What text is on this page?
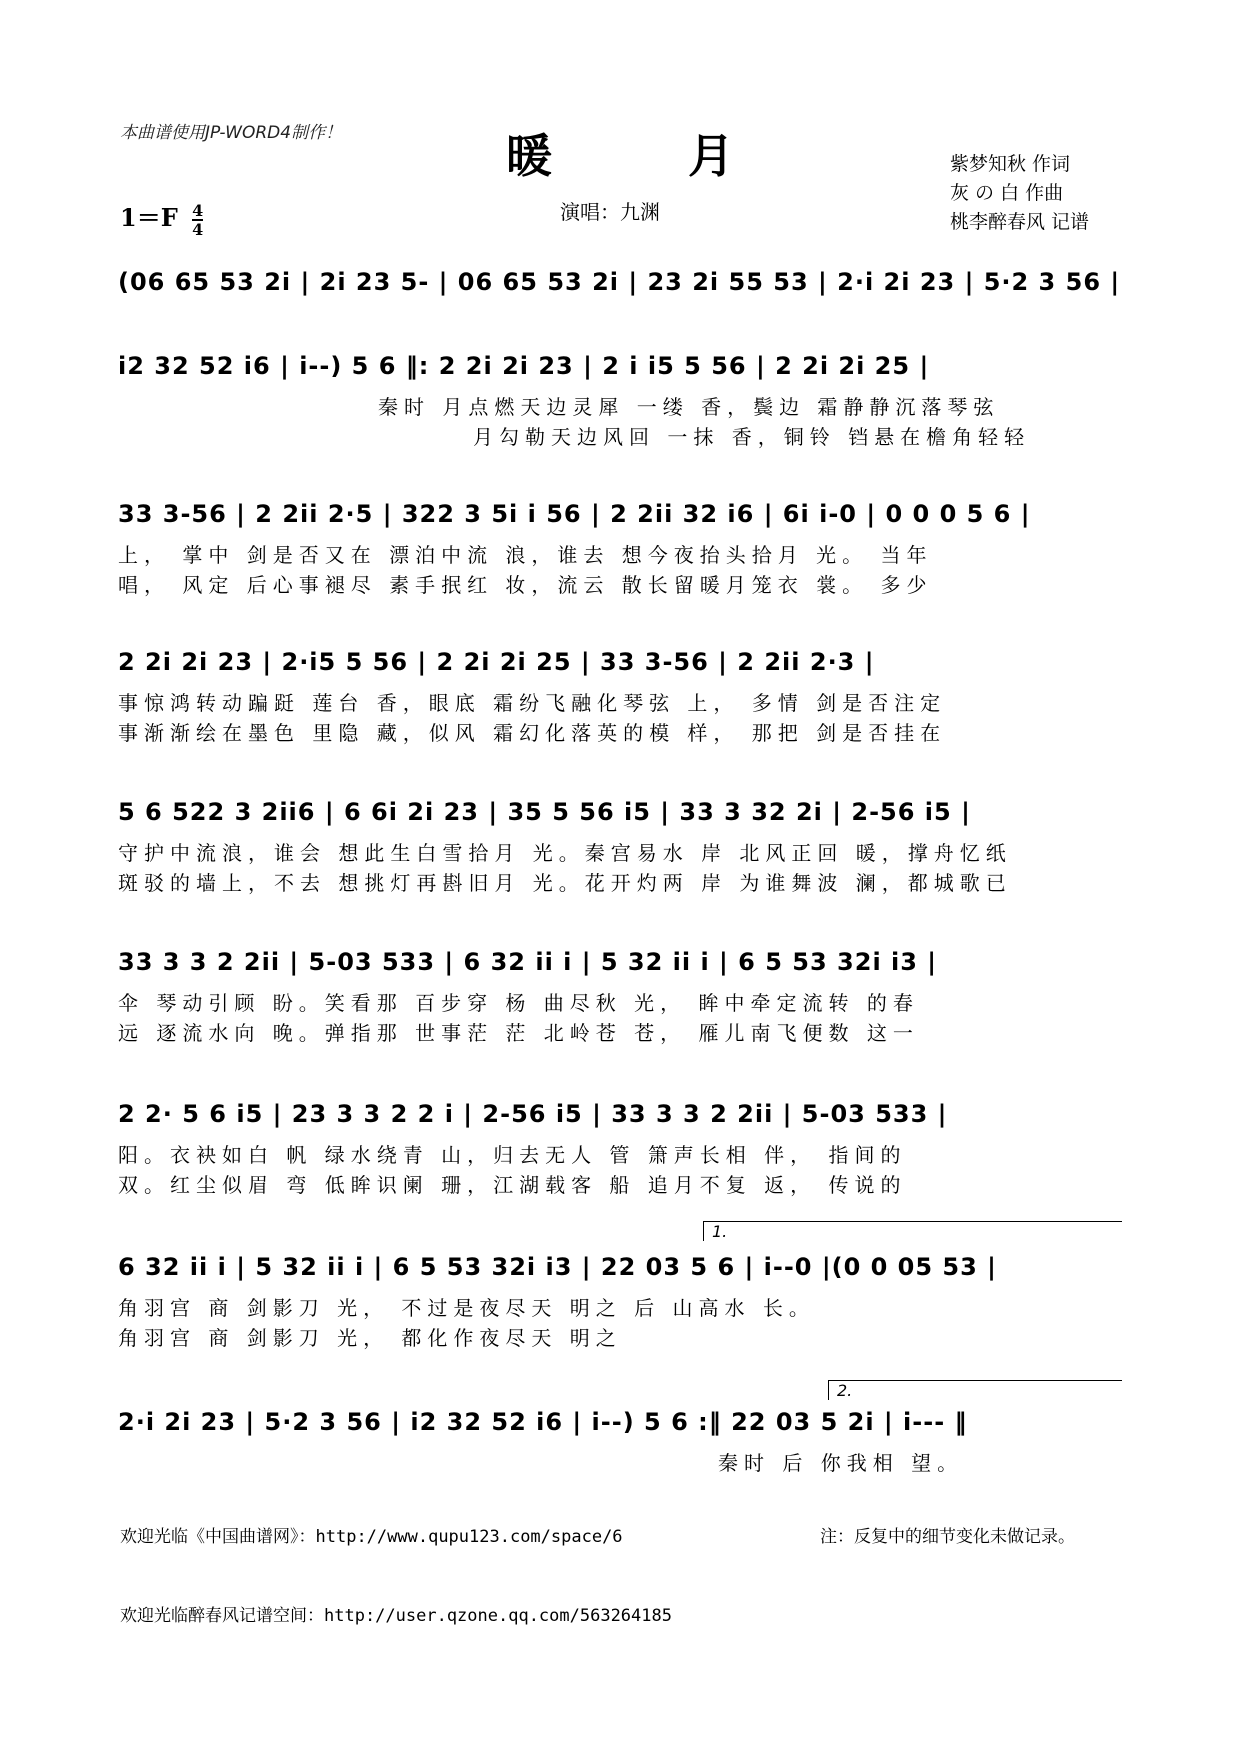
本曲谱使用JP-WORD4制作！	暖 月
$1=F \frac{4}{4}$	演唱：九渊
紫梦知秋 作词
灰 の 白 作曲
桃李醉春风 记谱
(06 65 53 2i | 2i 23 5- | 06 65 53 2i | 23 2i 55 53 | 2·i 2i 23 | 5·2 3 56 |
i2 32 52 i6 | i--) 5 6 ‖: 2 2i 2i 23 | 2 i i5 5 56 | 2 2i 2i 25 |
秦时 月点燃天边灵犀 一缕 香，鬓边 霜静静沉落琴弦
月勾勒天边风回 一抹 香，铜铃 铛悬在檐角轻轻
33 3-56 | 2 2ii 2·5 | 322 3 5i i 56 | 2 2ii 32 i6 | 6i i-0 | 0 0 0 5 6 |
上， 掌中 剑是否又在 漂泊中流 浪，谁去 想今夜抬头拾月 光。 当年
唱， 风定 后心事褪尽 素手抿红 妆，流云 散长留暖月笼衣 裳。 多少
2 2i 2i 23 | 2·i5 5 56 | 2 2i 2i 25 | 33 3-56 | 2 2ii 2·3 |
事惊鸿转动蹁跹 莲台 香，眼底 霜纷飞融化琴弦 上， 多情 剑是否注定
事渐渐绘在墨色 里隐 藏，似风 霜幻化落英的模 样， 那把 剑是否挂在
5 6 522 3 2ii6 | 6 6i 2i 23 | 35 5 56 i5 | 33 3 32 2i | 2-56 i5 |
守护中流浪，谁会 想此生白雪拾月 光。秦宫易水 岸 北风正回 暖，撑舟忆纸
斑驳的墙上，不去 想挑灯再斟旧月 光。花开灼两 岸 为谁舞波 澜，都城歌已
33 3 3 2 2ii | 5-03 533 | 6 32 ii i | 5 32 ii i | 6 5 53 32i i3 |
伞 琴动引顾 盼。笑看那 百步穿 杨 曲尽秋 光， 眸中牵定流转 的春
远 逐流水向 晚。弹指那 世事茫 茫 北岭苍 苍， 雁儿南飞便数 这一
2 2· 5 6 i5 | 23 3 3 2 2 i | 2-56 i5 | 33 3 3 2 2ii | 5-03 533 |
阳。衣袂如白 帆 绿水绕青 山，归去无人 管 箫声长相 伴， 指间的
双。红尘似眉 弯 低眸识阑 珊，江湖载客 船 追月不复 返， 传说的
1.
6 32 ii i | 5 32 ii i | 6 5 53 32i i3 | 22 03 5 6 | i--0 |(0 0 05 53 |
角羽宫 商 剑影刀 光， 不过是夜尽天 明之 后 山高水 长。
角羽宫 商 剑影刀 光， 都化作夜尽天 明之
2.
2·i 2i 23 | 5·2 3 56 | i2 32 52 i6 | i--) 5 6 :‖ 22 03 5 2i | i--- ‖
秦时 后 你我相 望。
欢迎光临《中国曲谱网》：http://www.qupu123.com/space/6	注：反复中的细节变化未做记录。
欢迎光临醉春风记谱空间：http://user.qzone.qq.com/563264185
